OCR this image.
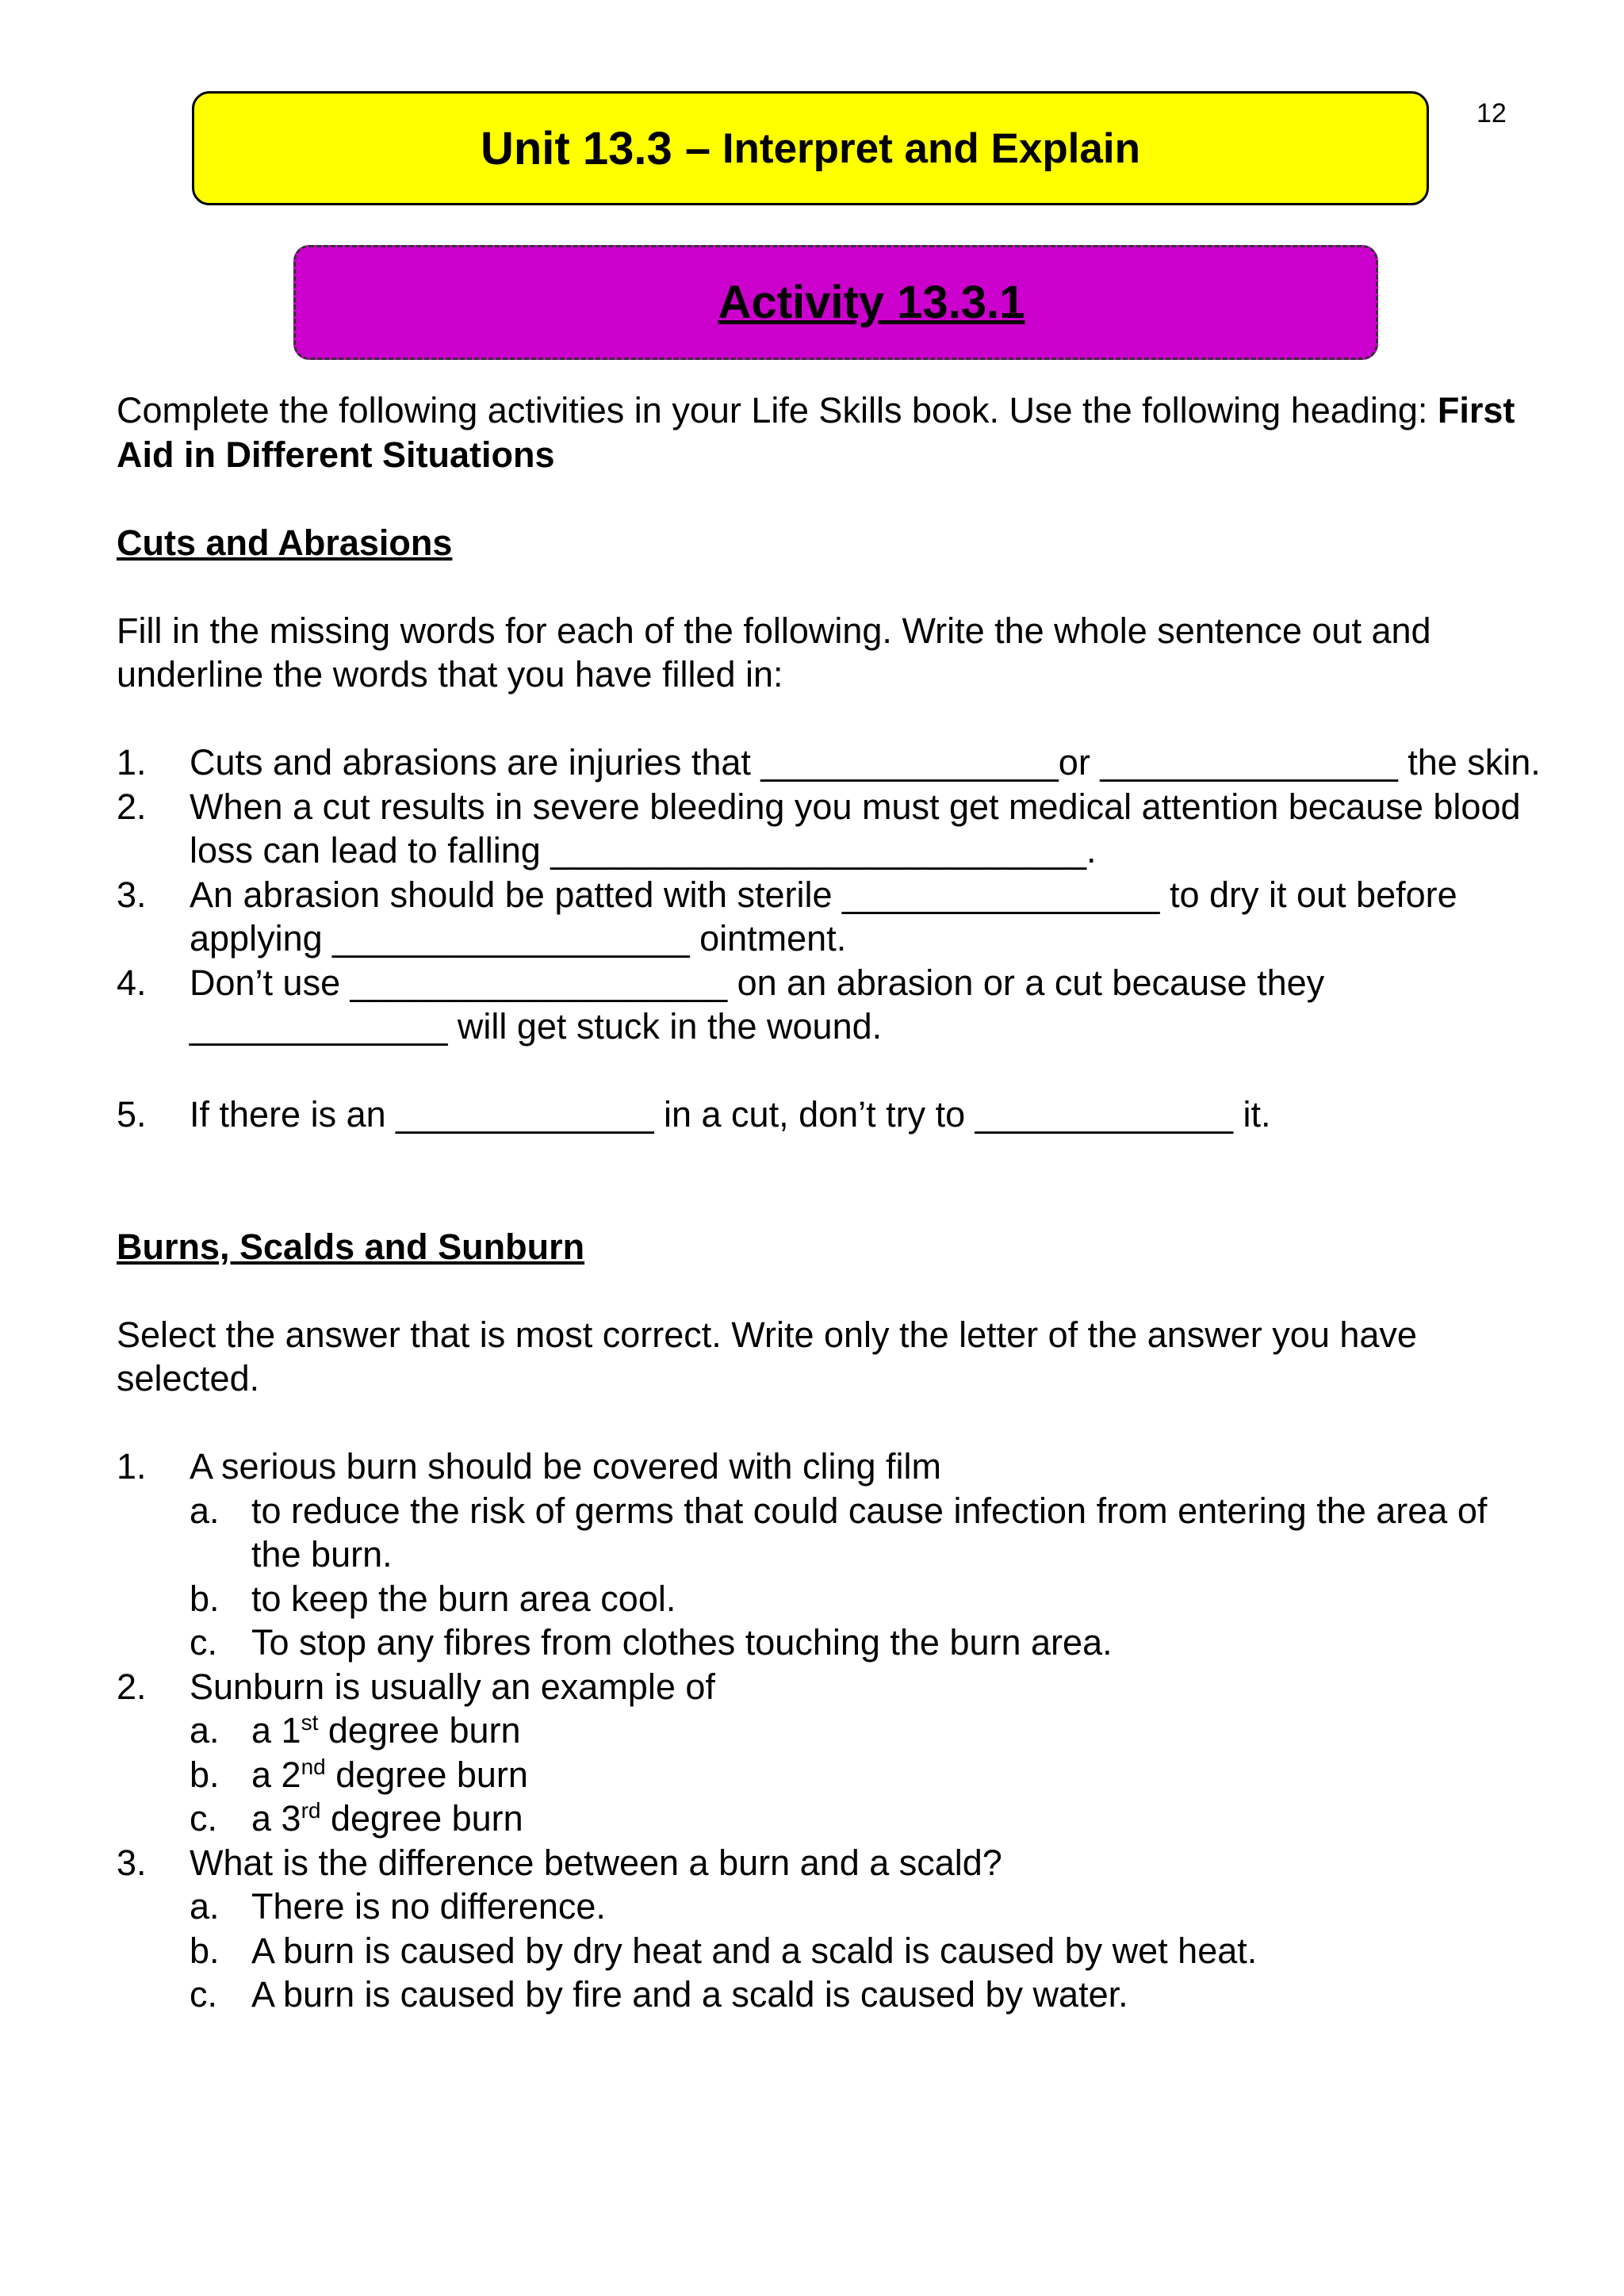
12
Unit 13.3 – Interpret and Explain
Activity 13.3.1

Complete the following activities in your Life Skills book. Use the following heading: First Aid in Different Situations

Cuts and Abrasions

Fill in the missing words for each of the following. Write the whole sentence out and underline the words that you have filled in:

1.	Cuts and abrasions are injuries that _______________or _______________ the skin.
2.	When a cut results in severe bleeding you must get medical attention because blood loss can lead to falling ___________________________.
3.	An abrasion should be patted with sterile ________________ to dry it out before applying __________________ ointment.
4.	Don’t use ___________________ on an abrasion or a cut because they _____________ will get stuck in the wound.
5.	If there is an _____________ in a cut, don’t try to _____________ it.

Burns, Scalds and Sunburn

Select the answer that is most correct. Write only the letter of the answer you have selected.

1.	A serious burn should be covered with cling film
a. to reduce the risk of germs that could cause infection from entering the area of the burn.
b. to keep the burn area cool.
c. To stop any fibres from clothes touching the burn area.
2.	Sunburn is usually an example of
a. a 1st degree burn
b. a 2nd degree burn
c. a 3rd degree burn
3.	What is the difference between a burn and a scald?
a. There is no difference.
b. A burn is caused by dry heat and a scald is caused by wet heat.
c. A burn is caused by fire and a scald is caused by water.
